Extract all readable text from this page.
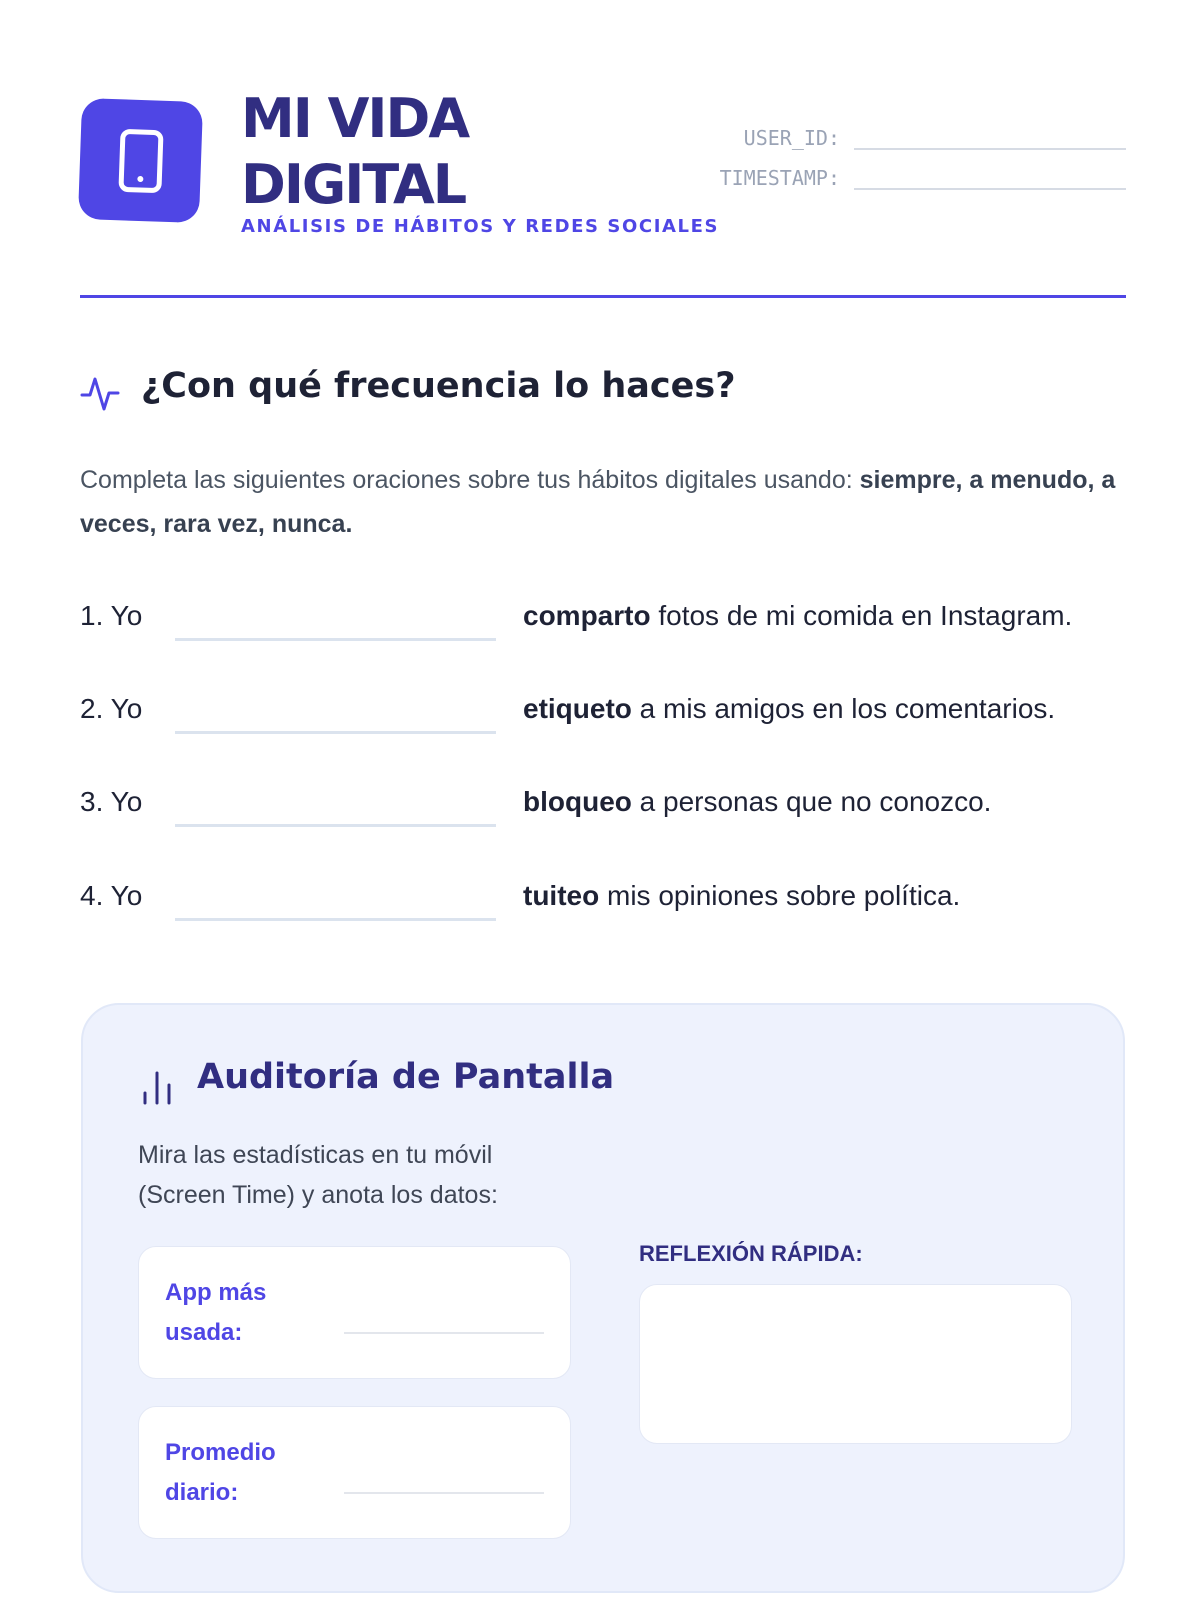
MI VIDA
DIGITAL
ANÁLISIS DE HÁBITOS Y REDES SOCIALES
USER_ID:
TIMESTAMP:
¿Con qué frecuencia lo haces?
Completa las siguientes oraciones sobre tus hábitos digitales usando: siempre, a menudo, a veces, rara vez, nunca.
1. Yo	comparto fotos de mi comida en Instagram.
2. Yo	etiqueto a mis amigos en los comentarios.
3. Yo	bloqueo a personas que no conozco.
4. Yo	tuiteo mis opiniones sobre política.
Auditoría de Pantalla
Mira las estadísticas en tu móvil (Screen Time) y anota los datos:
App más usada:
Promedio diario:
REFLEXIÓN RÁPIDA:
